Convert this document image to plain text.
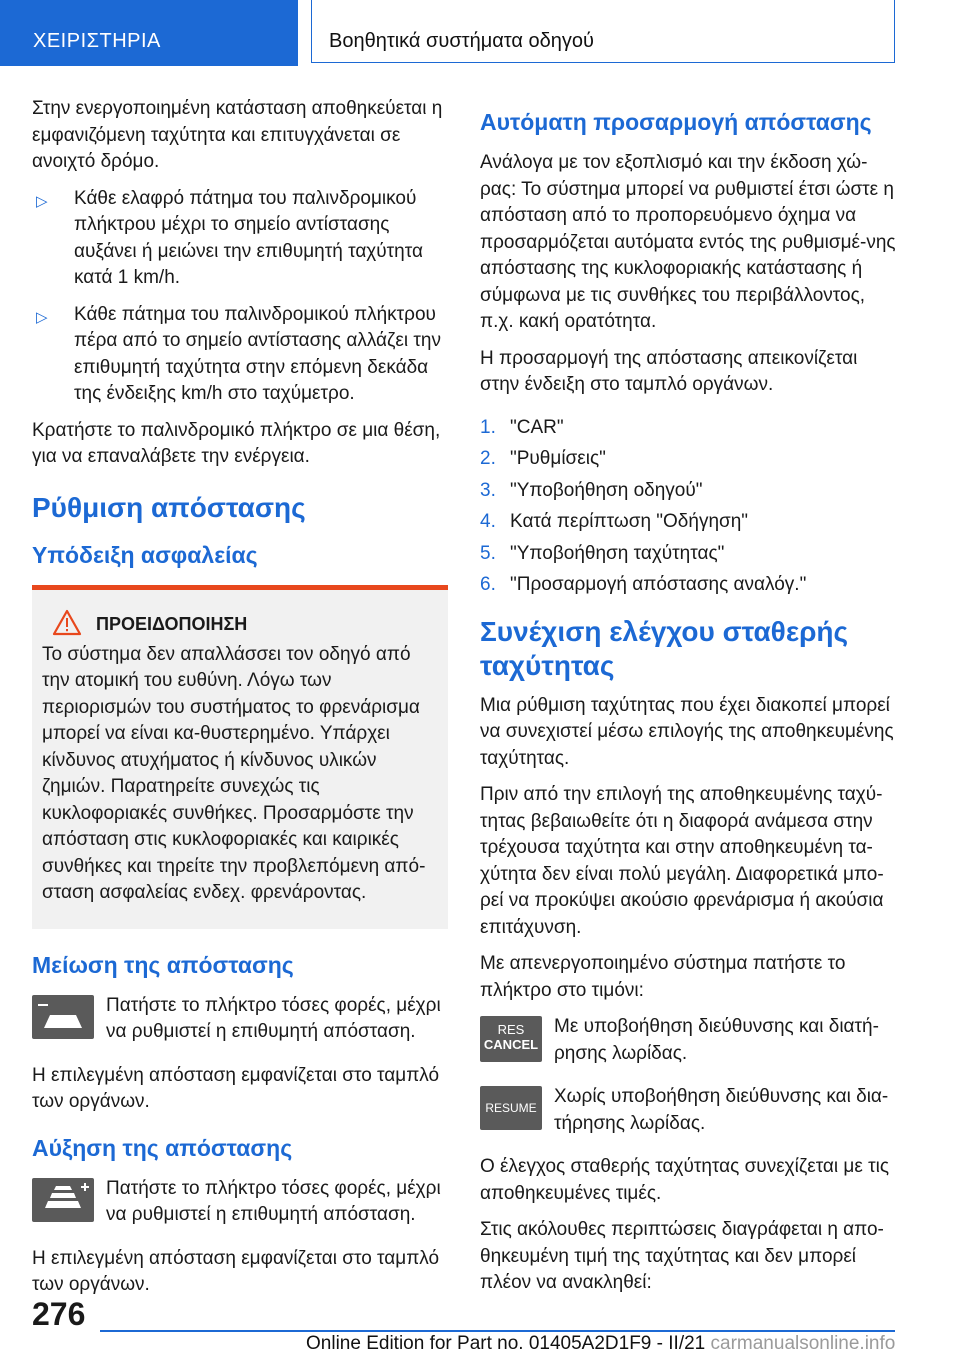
ΧΕΙΡΙΣΤΗΡΙΑ	Βοηθητικά συστήματα οδηγού

Στην ενεργοποιημένη κατάσταση αποθηκεύεται η εμφανιζόμενη ταχύτητα και επιτυγχάνεται σε ανοιχτό δρόμο.

▷ Κάθε ελαφρό πάτημα του παλινδρομικού πλήκτρου μέχρι το σημείο αντίστασης αυξάνει ή μειώνει την επιθυμητή ταχύτητα κατά 1 km/h.
▷ Κάθε πάτημα του παλινδρομικού πλήκτρου πέρα από το σημείο αντίστασης αλλάζει την επιθυμητή ταχύτητα στην επόμενη δεκάδα της ένδειξης km/h στο ταχύμετρο.

Κρατήστε το παλινδρομικό πλήκτρο σε μια θέση, για να επαναλάβετε την ενέργεια.

Ρύθμιση απόστασης
Υπόδειξη ασφαλείας
ΠΡΟΕΙΔΟΠΟΙΗΣΗ
Το σύστημα δεν απαλλάσσει τον οδηγό από την ατομική του ευθύνη. Λόγω των περιορισμών του συστήματος το φρενάρισμα μπορεί να είναι κα-θυστερημένο. Υπάρχει κίνδυνος ατυχήματος ή κίνδυνος υλικών ζημιών. Παρατηρείτε συνεχώς τις κυκλοφοριακές συνθήκες. Προσαρμόστε την απόσταση στις κυκλοφοριακές και καιρικές συνθήκες και τηρείτε την προβλεπόμενη από-σταση ασφαλείας ενδεχ. φρενάροντας.
Μείωση της απόστασης
Πατήστε το πλήκτρο τόσες φορές, μέχρι να ρυθμιστεί η επιθυμητή απόσταση.

Η επιλεγμένη απόσταση εμφανίζεται στο ταμπλό των οργάνων.

Αύξηση της απόστασης
Πατήστε το πλήκτρο τόσες φορές, μέχρι να ρυθμιστεί η επιθυμητή απόσταση.

Η επιλεγμένη απόσταση εμφανίζεται στο ταμπλό των οργάνων.

Αυτόματη προσαρμογή απόστασης

Ανάλογα με τον εξοπλισμό και την έκδοση χώ-ρας: Το σύστημα μπορεί να ρυθμιστεί έτσι ώστε η απόσταση από το προπορευόμενο όχημα να προσαρμόζεται αυτόματα εντός της ρυθμισμέ-νης απόστασης της κυκλοφοριακής κατάστασης ή σύμφωνα με τις συνθήκες του περιβάλλοντος, π.χ. κακή ορατότητα.

Η προσαρμογή της απόστασης απεικονίζεται στην ένδειξη στο ταμπλό οργάνων.

1. "CAR"
2. "Ρυθμίσεις"
3. "Υποβοήθηση οδηγού"
4. Κατά περίπτωση "Οδήγηση"
5. "Υποβοήθηση ταχύτητας"
6. "Προσαρμογή απόστασης αναλόγ."
Συνέχιση ελέγχου σταθερής ταχύτητας

Μια ρύθμιση ταχύτητας που έχει διακοπεί μπορεί να συνεχιστεί μέσω επιλογής της αποθηκευμένης ταχύτητας.

Πριν από την επιλογή της αποθηκευμένης ταχύ-τητας βεβαιωθείτε ότι η διαφορά ανάμεσα στην τρέχουσα ταχύτητα και στην αποθηκευμένη τα-χύτητα δεν είναι πολύ μεγάλη. Διαφορετικά μπο-ρεί να προκύψει ακούσιο φρενάρισμα ή ακούσια επιτάχυνση.

Με απενεργοποιημένο σύστημα πατήστε το πλήκτρο στο τιμόνι:

RES
CANCEL
Με υποβοήθηση διεύθυνσης και διατή-ρησης λωρίδας.
RESUME
Χωρίς υποβοήθηση διεύθυνσης και δια-τήρησης λωρίδας.

Ο έλεγχος σταθερής ταχύτητας συνεχίζεται με τις αποθηκευμένες τιμές.

Στις ακόλουθες περιπτώσεις διαγράφεται η απο-θηκευμένη τιμή της ταχύτητας και δεν μπορεί πλέον να ανακληθεί:

276
Online Edition for Part no. 01405A2D1F9 - II/21 carmanualsonline.info
